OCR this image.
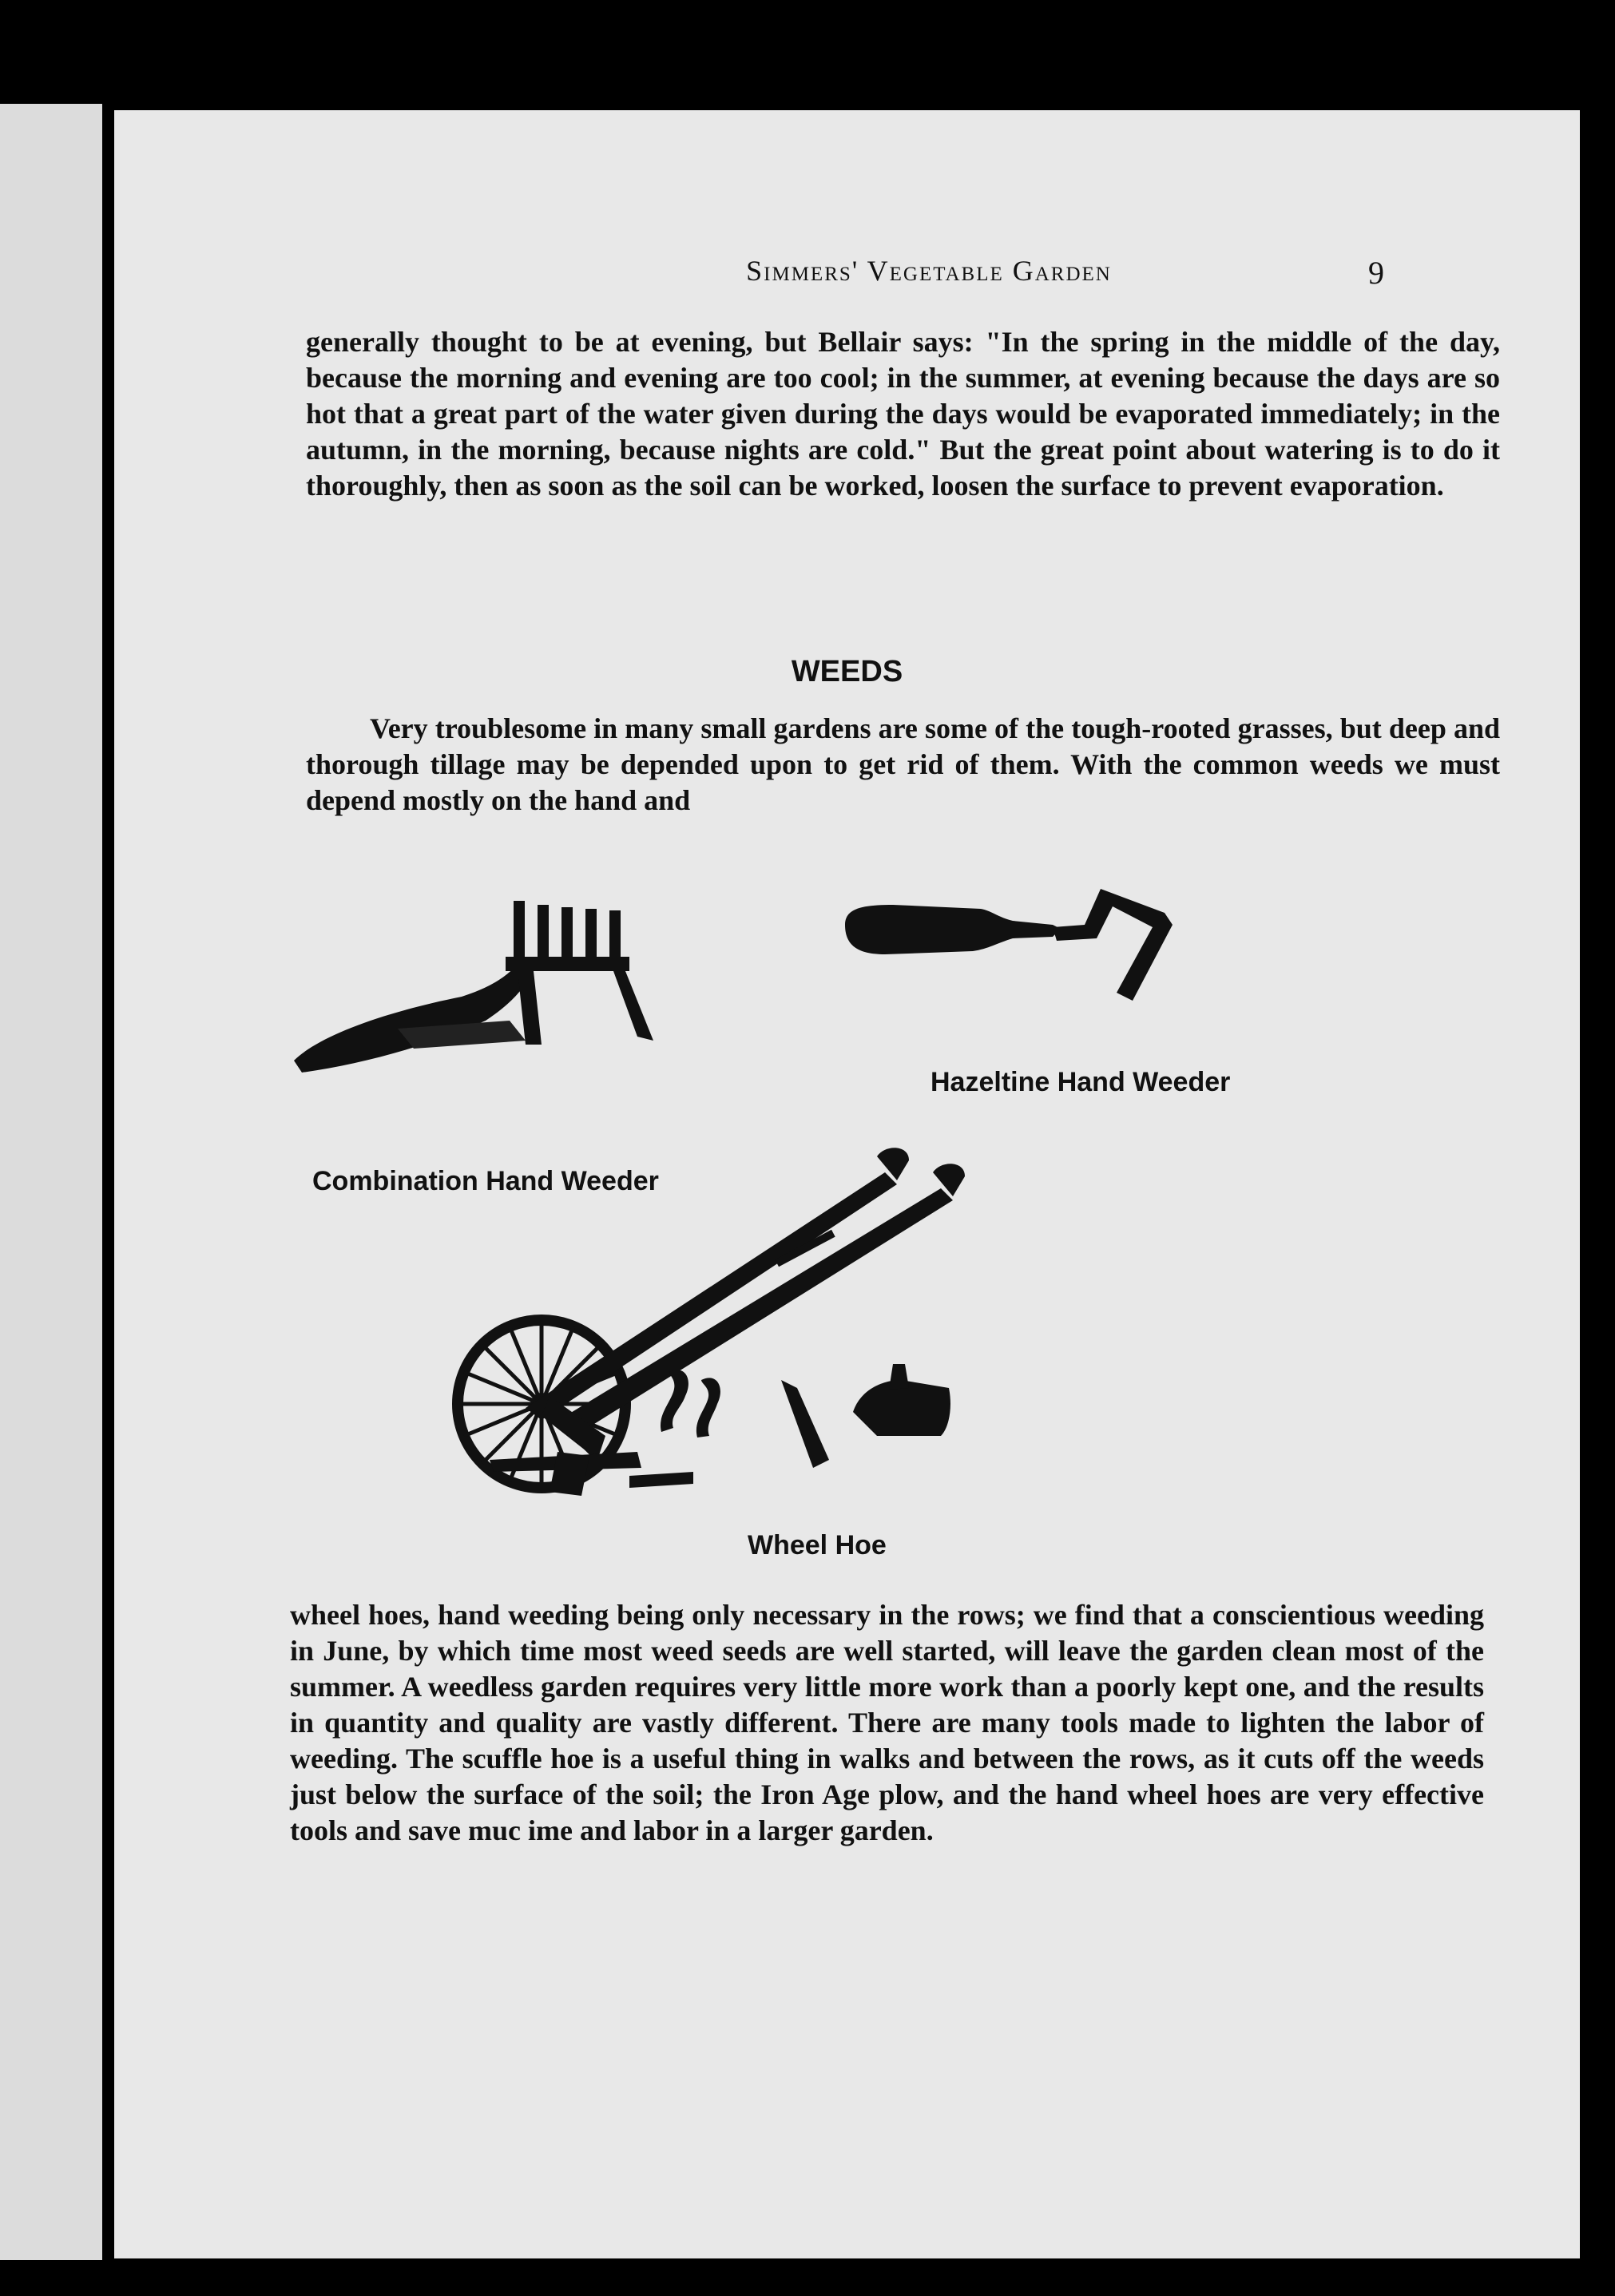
Simmers' Vegetable Garden	9

generally thought to be at evening, but Bellair says: "In the spring in the middle of the day, because the morning and evening are too cool; in the summer, at evening because the days are so hot that a great part of the water given during the days would be evaporated immediately; in the autumn, in the morning, because nights are cold." But the great point about watering is to do it thoroughly, then as soon as the soil can be worked, loosen the surface to prevent evaporation.

WEEDS

Very troublesome in many small gardens are some of the tough-rooted grasses, but deep and thorough tillage may be depended upon to get rid of them. With the common weeds we must depend mostly on the hand and

Combination Hand Weeder
Hazeltine Hand Weeder
Wheel Hoe

wheel hoes, hand weeding being only necessary in the rows; we find that a conscientious weeding in June, by which time most weed seeds are well started, will leave the garden clean most of the summer. A weedless garden requires very little more work than a poorly kept one, and the results in quantity and quality are vastly different. There are many tools made to lighten the labor of weeding. The scuffle hoe is a useful thing in walks and between the rows, as it cuts off the weeds just below the surface of the soil; the Iron Age plow, and the hand wheel hoes are very effective tools and save muc ime and labor in a larger garden.
